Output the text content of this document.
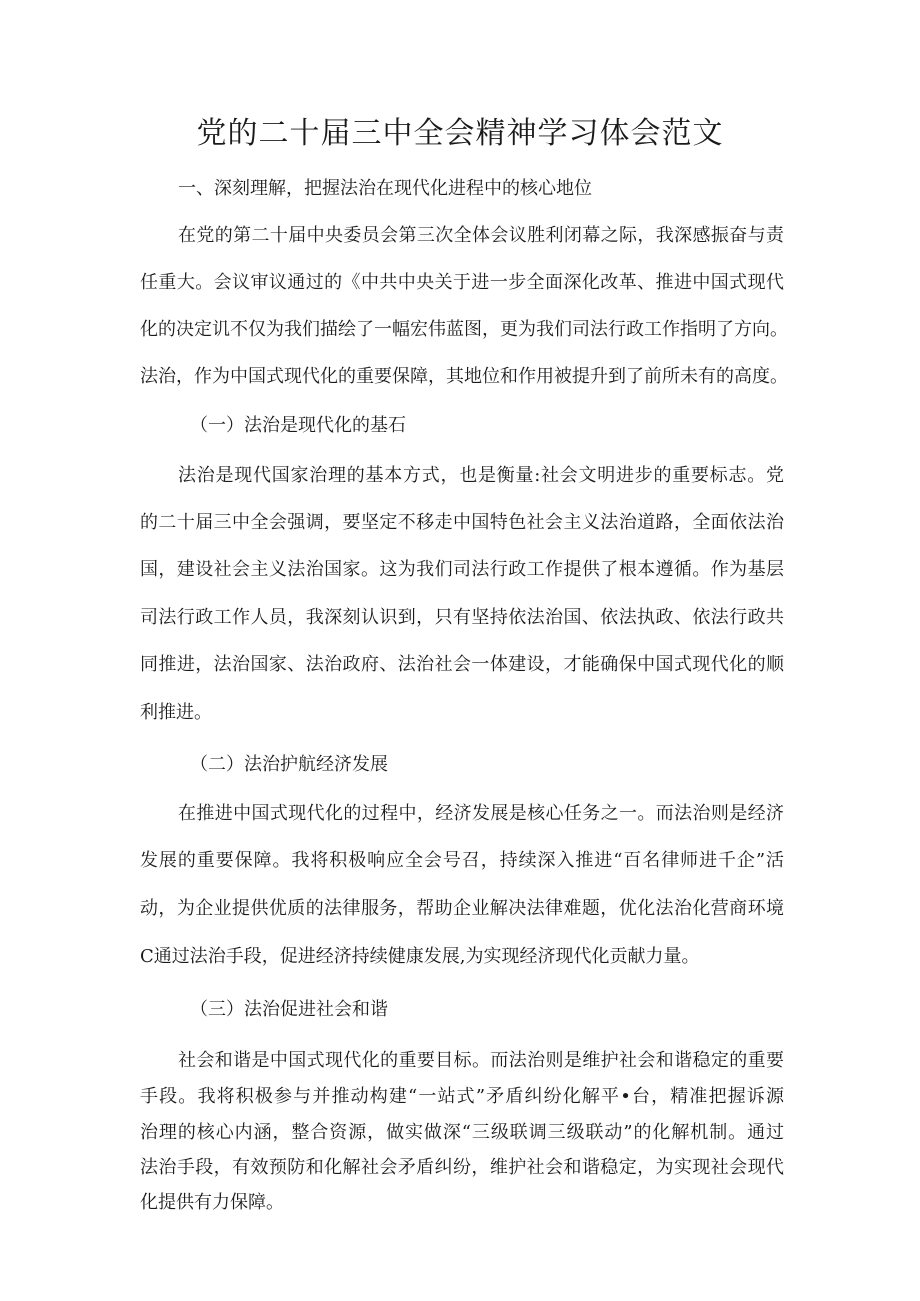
党的二十届三中全会精神学习体会范文
一、深刻理解，把握法治在现代化进程中的核心地位
在党的第二十届中央委员会第三次全体会议胜利闭幕之际，我深感振奋与责
任重大。会议审议通过的《中共中央关于进一步全面深化改革、推进中国式现代
化的决定讥不仅为我们描绘了一幅宏伟蓝图，更为我们司法行政工作指明了方向。
法治，作为中国式现代化的重要保障，其地位和作用被提升到了前所未有的高度。
（一）法治是现代化的基石
法治是现代国家治理的基本方式，也是衡量:社会文明进步的重要标志。党
的二十届三中全会强调，要坚定不移走中国特色社会主义法治道路，全面依法治
国，建设社会主义法治国家。这为我们司法行政工作提供了根本遵循。作为基层
司法行政工作人员，我深刻认识到，只有坚持依法治国、依法执政、依法行政共
同推进，法治国家、法治政府、法治社会一体建设，才能确保中国式现代化的顺
利推进。
（二）法治护航经济发展
在推进中国式现代化的过程中，经济发展是核心任务之一。而法治则是经济
发展的重要保障。我将积极响应全会号召，持续深入推进“百名律师进千企”活
动，为企业提供优质的法律服务，帮助企业解决法律难题，优化法治化营商环境
C通过法治手段，促进经济持续健康发展,为实现经济现代化贡献力量。
（三）法治促进社会和谐
社会和谐是中国式现代化的重要目标。而法治则是维护社会和谐稳定的重要
手段。我将积极参与并推动构建“一站式”矛盾纠纷化解平•台，精准把握诉源
治理的核心内涵，整合资源，做实做深“三级联调三级联动”的化解机制。通过
法治手段，有效预防和化解社会矛盾纠纷，维护社会和谐稳定，为实现社会现代
化提供有力保障。
